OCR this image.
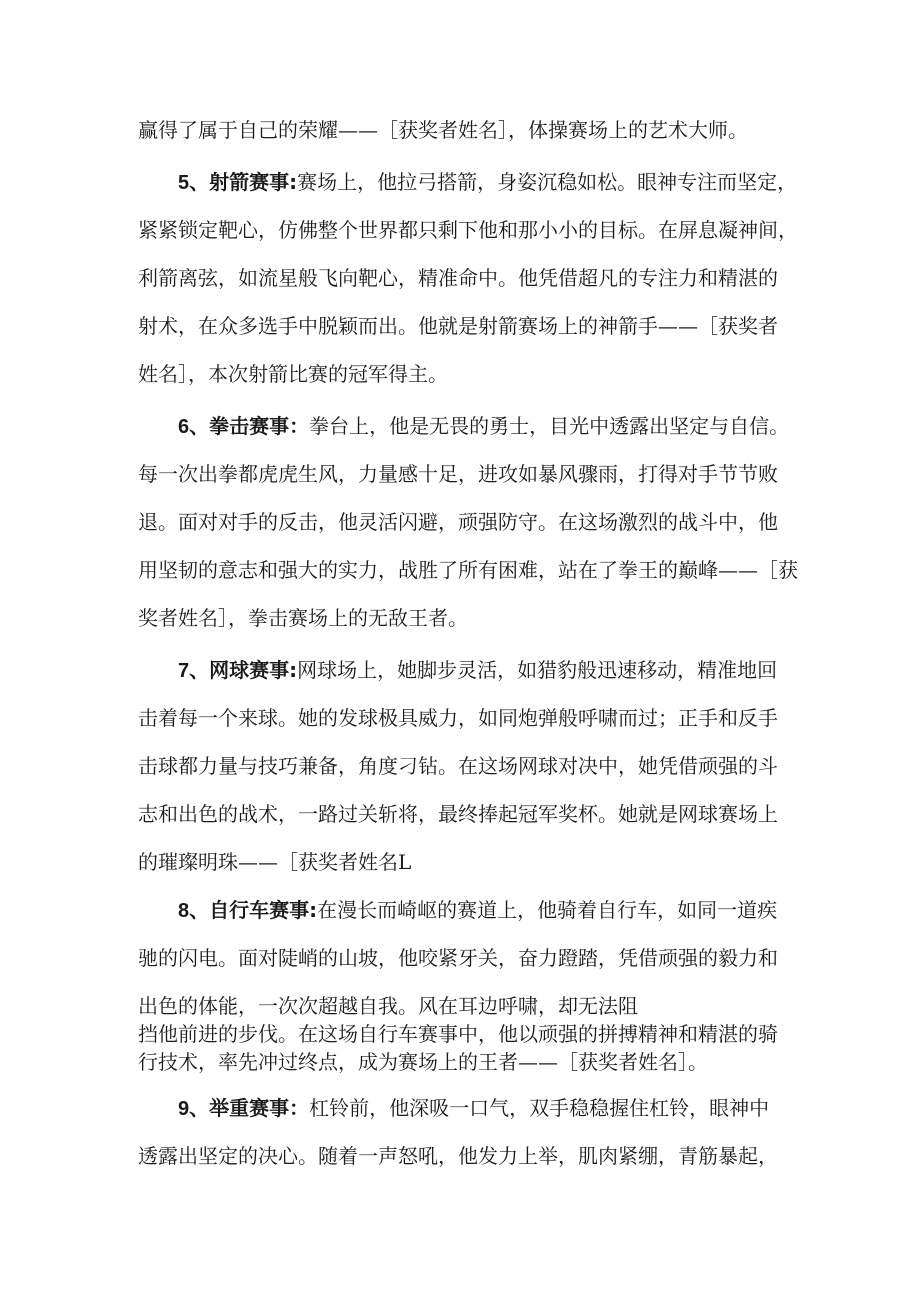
赢得了属于自己的荣耀——［获奖者姓名］，体操赛场上的艺术大师。
5、射箭赛事:赛场上，他拉弓搭箭，身姿沉稳如松。眼神专注而坚定，
紧紧锁定靶心，仿佛整个世界都只剩下他和那小小的目标。在屏息凝神间，
利箭离弦，如流星般飞向靶心，精准命中。他凭借超凡的专注力和精湛的
射术，在众多选手中脱颖而出。他就是射箭赛场上的神箭手——［获奖者
姓名］，本次射箭比赛的冠军得主。
6、拳击赛事：拳台上，他是无畏的勇士，目光中透露出坚定与自信。
每一次出拳都虎虎生风，力量感十足，进攻如暴风骤雨，打得对手节节败
退。面对对手的反击，他灵活闪避，顽强防守。在这场激烈的战斗中，他
用坚韧的意志和强大的实力，战胜了所有困难，站在了拳王的巅峰——［获
奖者姓名］，拳击赛场上的无敌王者。
7、网球赛事:网球场上，她脚步灵活，如猎豹般迅速移动，精准地回
击着每一个来球。她的发球极具威力，如同炮弹般呼啸而过；正手和反手
击球都力量与技巧兼备，角度刁钻。在这场网球对决中，她凭借顽强的斗
志和出色的战术，一路过关斩将，最终捧起冠军奖杯。她就是网球赛场上
的璀璨明珠——［获奖者姓名L
8、自行车赛事:在漫长而崎岖的赛道上，他骑着自行车，如同一道疾
驰的闪电。面对陡峭的山坡，他咬紧牙关，奋力蹬踏，凭借顽强的毅力和
出色的体能，一次次超越自我。风在耳边呼啸，却无法阻
挡他前进的步伐。在这场自行车赛事中，他以顽强的拼搏精神和精湛的骑
行技术，率先冲过终点，成为赛场上的王者——［获奖者姓名］。
9、举重赛事：杠铃前，他深吸一口气，双手稳稳握住杠铃，眼神中
透露出坚定的决心。随着一声怒吼，他发力上举，肌肉紧绷，青筋暴起，
